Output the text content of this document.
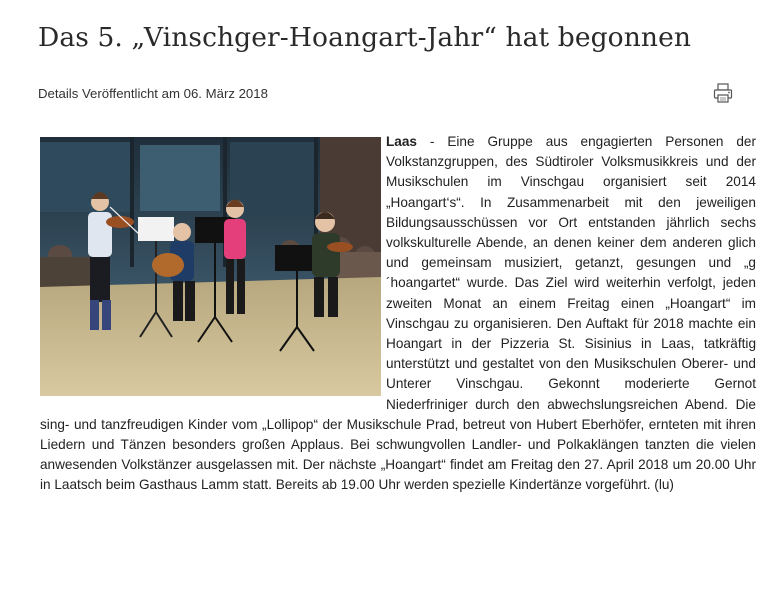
Das 5. „Vinschger-Hoangart-Jahr“ hat begonnen
Details Veröffentlicht am 06. März 2018

Laas - Eine Gruppe aus engagierten Personen der Volkstanzgruppen, des Südtiroler Volksmusikkreis und der Musikschulen im Vinschgau organisiert seit 2014 „Hoangart‘s“. In Zusammenarbeit mit den jeweiligen Bildungsausschüssen vor Ort entstanden jährlich sechs volkskulturelle Abende, an denen keiner dem anderen glich und gemeinsam musiziert, getanzt, gesungen und „g´hoangartet“ wurde. Das Ziel wird weiterhin verfolgt, jeden zweiten Monat an einem Freitag einen „Hoangart“ im Vinschgau zu organisieren. Den Auftakt für 2018 machte ein Hoangart in der Pizzeria St. Sisinius in Laas, tatkräftig unterstützt und gestaltet von den Musikschulen Oberer- und Unterer Vinschgau. Gekonnt moderierte Gernot Niederfriniger durch den abwechslungsreichen Abend. Die sing- und tanzfreudigen Kinder vom „Lollipop“ der Musikschule Prad, betreut von Hubert Eberhöfer, ernteten mit ihren Liedern und Tänzen besonders großen Applaus. Bei schwungvollen Landler- und Polkaklängen tanzten die vielen anwesenden Volkstänzer ausgelassen mit. Der nächste „Hoangart“ findet am Freitag den 27. April 2018 um 20.00 Uhr in Laatsch beim Gasthaus Lamm statt. Bereits ab 19.00 Uhr werden spezielle Kindertänze vorgeführt. (lu)
